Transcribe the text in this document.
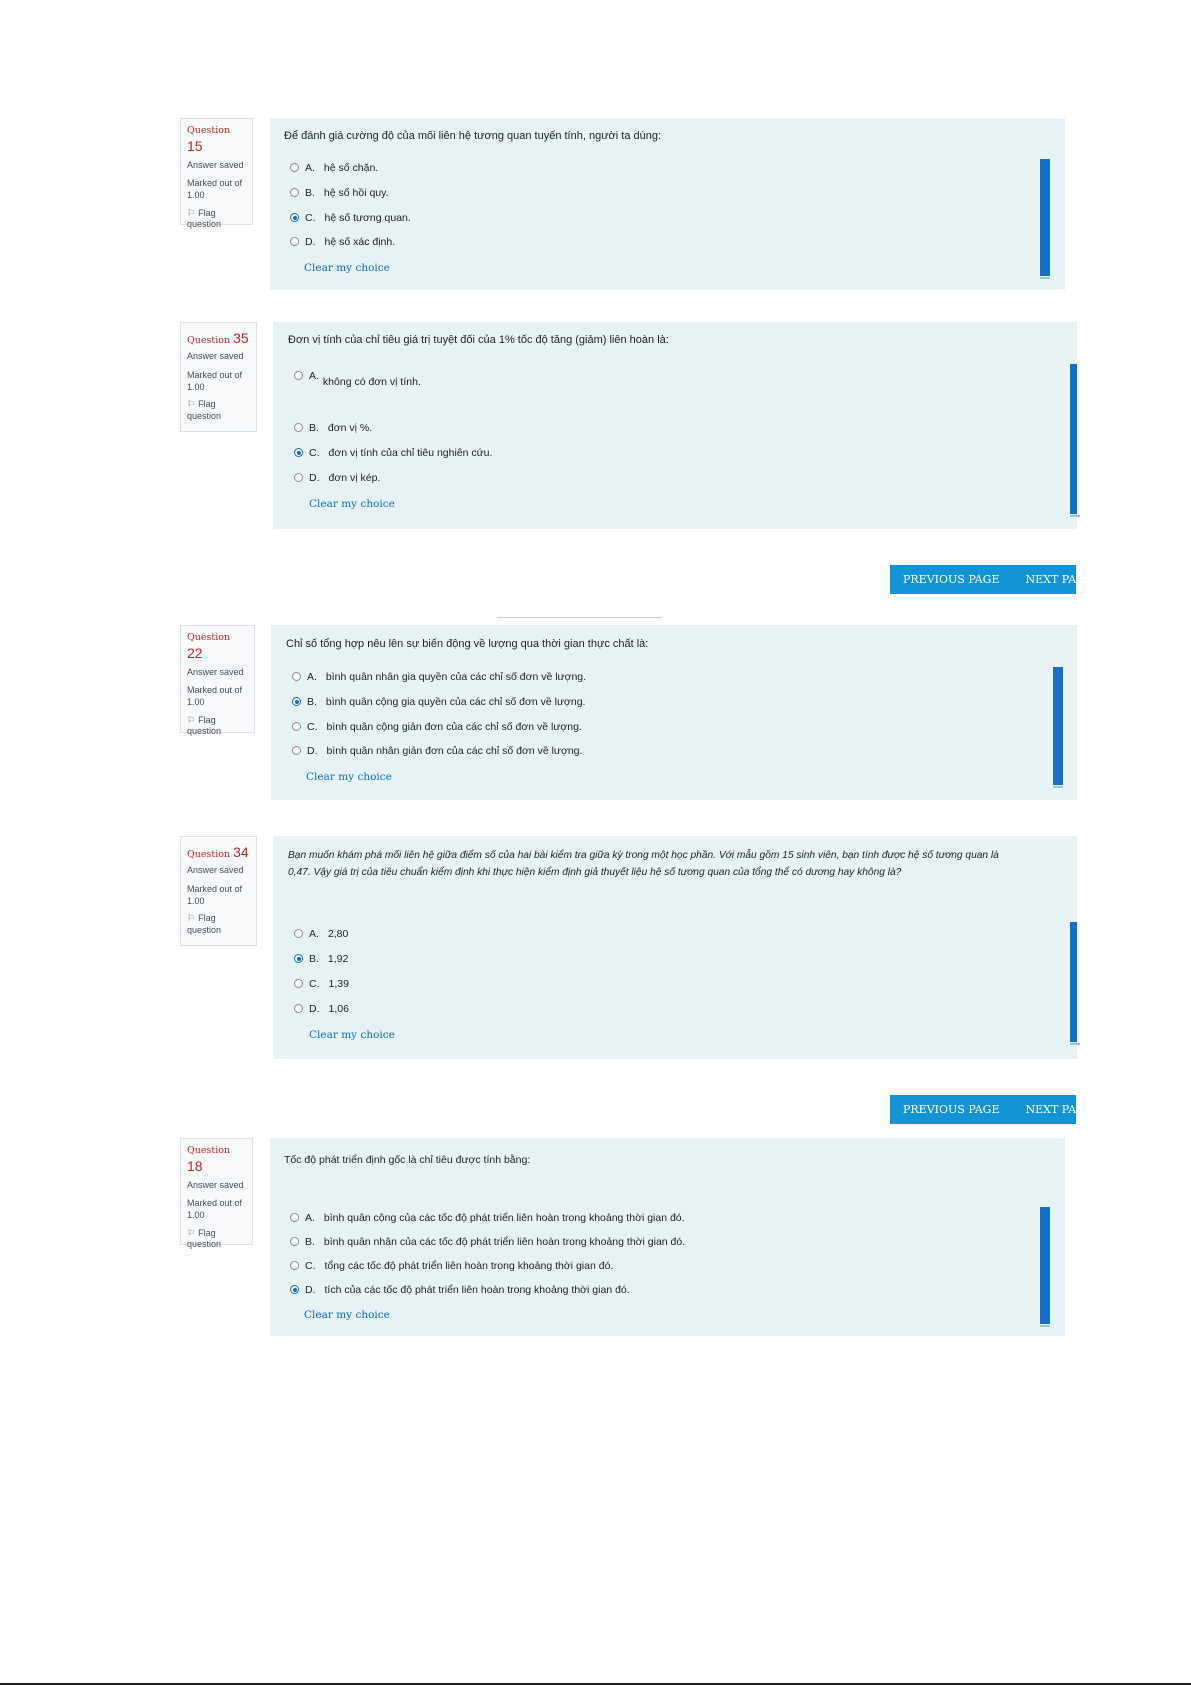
Question 15
Answer saved
Marked out of
1.00
⚐ Flag
question
Để đánh giá cường độ của mối liên hệ tương quan tuyến tính, người ta dùng:
A. hệ số chặn.
B. hệ số hồi quy.
C. hệ số tương quan.
D. hệ số xác định.
Clear my choice
Question 35
Answer saved
Marked out of
1.00
⚐ Flag
question
Đơn vị tính của chỉ tiêu giá trị tuyệt đối của 1% tốc độ tăng (giảm) liên hoàn là:
A. không có đơn vị tính.
B. đơn vị %.
C. đơn vị tính của chỉ tiêu nghiên cứu.
D. đơn vị kép.
Clear my choice
PREVIOUS PAGE NEXT PAG
Question 22
Answer saved
Marked out of
1.00
⚐ Flag
question
Chỉ số tổng hợp nêu lên sự biến động về lượng qua thời gian thực chất là:
A. bình quân nhân gia quyền của các chỉ số đơn về lượng.
B. bình quân cộng gia quyền của các chỉ số đơn về lượng.
C. bình quân cộng giản đơn của các chỉ số đơn về lượng.
D. bình quân nhân giản đơn của các chỉ số đơn về lượng.
Clear my choice
Question 34
Answer saved
Marked out of
1.00
⚐ Flag
question
Bạn muốn khám phá mối liên hệ giữa điểm số của hai bài kiểm tra giữa kỳ trong một học phần. Với mẫu gồm 15 sinh viên, bạn tính được hệ số tương quan là
0,47. Vậy giá trị của tiêu chuẩn kiểm định khi thực hiện kiểm định giả thuyết liệu hệ số tương quan của tổng thể có dương hay không là?
A. 2,80
B. 1,92
C. 1,39
D. 1,06
Clear my choice
PREVIOUS PAGE NEXT PAG
Question 18
Answer saved
Marked out of
1.00
⚐ Flag
question
Tốc độ phát triển định gốc là chỉ tiêu được tính bằng:
A. bình quân cộng của các tốc độ phát triển liên hoàn trong khoảng thời gian đó.
B. bình quân nhân của các tốc độ phát triển liên hoàn trong khoảng thời gian đó.
C. tổng các tốc độ phát triển liên hoàn trong khoảng thời gian đó.
D. tích của các tốc độ phát triển liên hoàn trong khoảng thời gian đó.
Clear my choice
